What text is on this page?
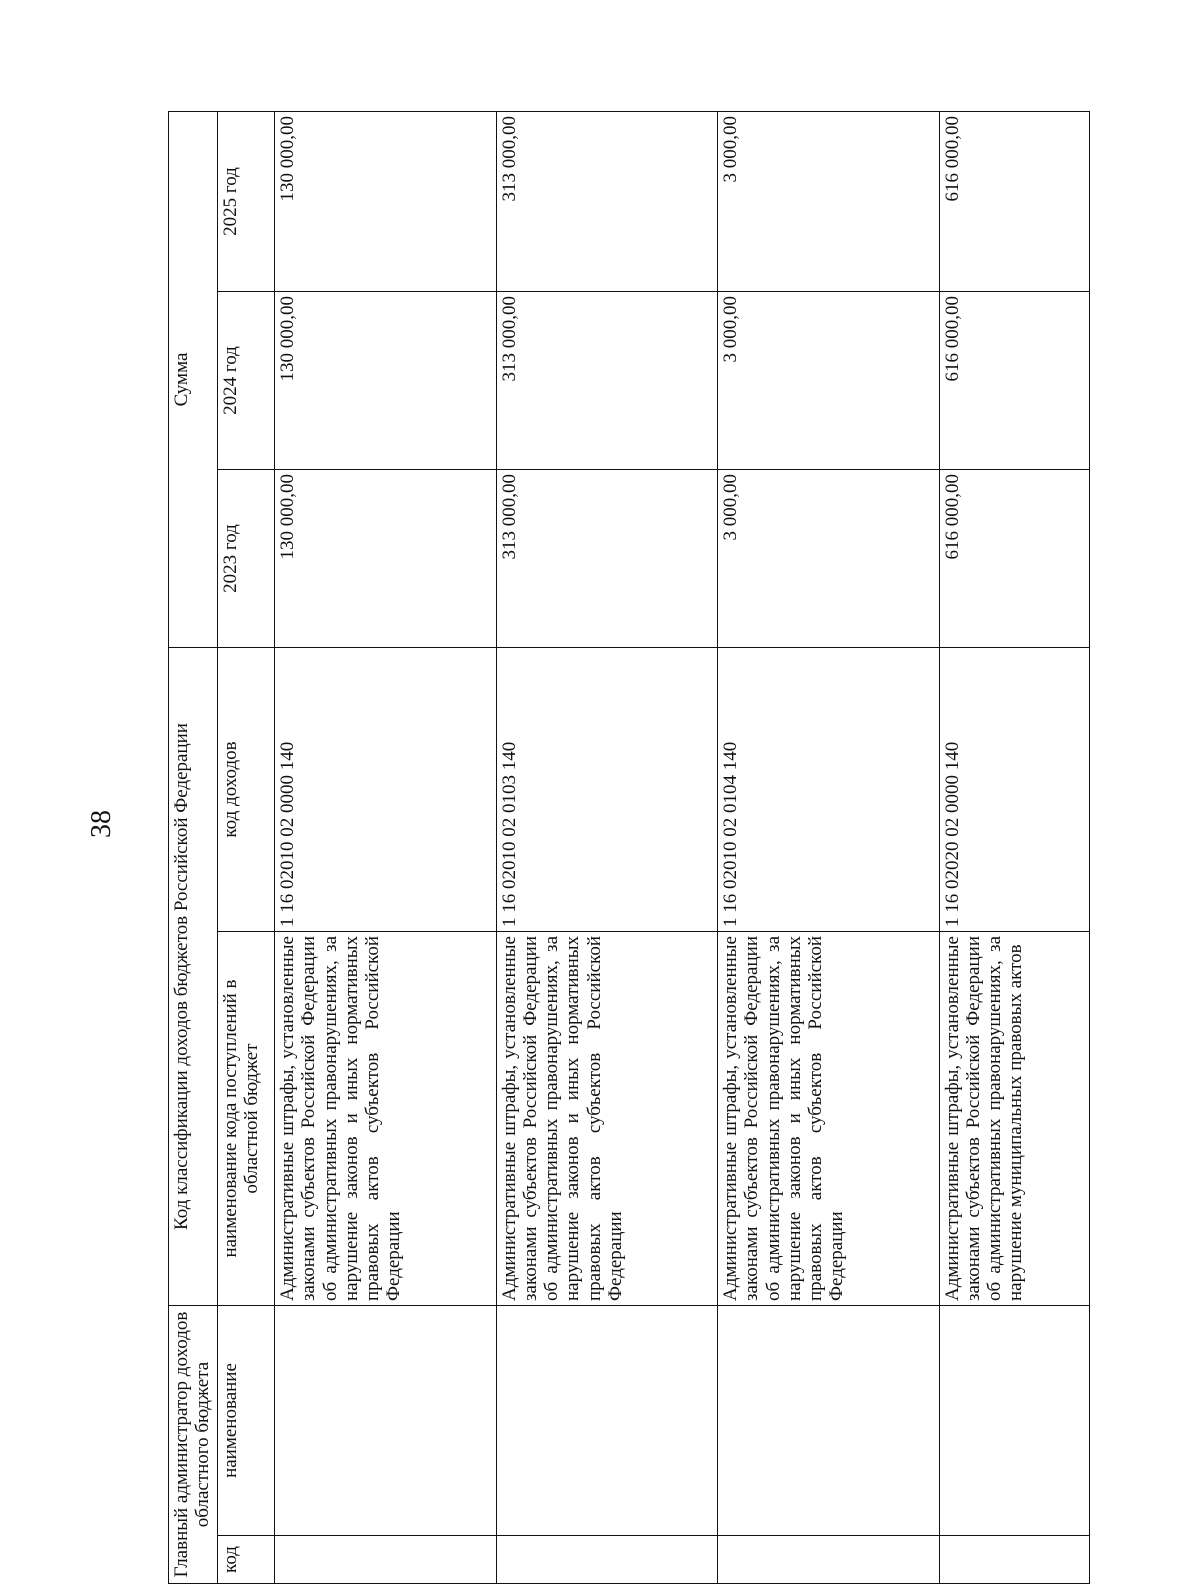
38
Главный администратор доходов областного бюджета		Код классификации доходов бюджетов Российской Федерации		Сумма		
код	наименование	наименование кода поступлений в областной бюджет	код доходов	2023 год	2024 год	2025 год
		Административные штрафы, установленные законами субъектов Российской Федерации об административных правонарушениях, за нарушение законов и иных нормативных правовых актов субъектов Российской Федерации	1 16 02010 02 0000 140	130 000,00	130 000,00	130 000,00
		Административные штрафы, установленные законами субъектов Российской Федерации об административных правонарушениях, за нарушение законов и иных нормативных правовых актов субъектов Российской Федерации	1 16 02010 02 0103 140	313 000,00	313 000,00	313 000,00
		Административные штрафы, установленные законами субъектов Российской Федерации об административных правонарушениях, за нарушение законов и иных нормативных правовых актов субъектов Российской Федерации	1 16 02010 02 0104 140	3 000,00	3 000,00	3 000,00
		Административные штрафы, установленные законами субъектов Российской Федерации об административных правонарушениях, за нарушение муниципальных правовых актов	1 16 02020 02 0000 140	616 000,00	616 000,00	616 000,00
